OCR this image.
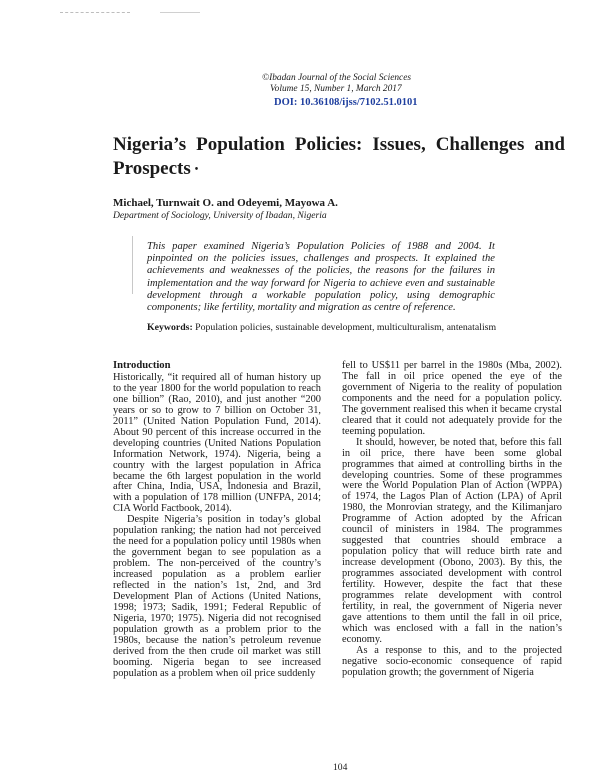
©Ibadan Journal of the Social Sciences
Volume 15, Number 1, March 2017
DOI: 10.36108/ijss/7102.51.0101
Nigeria’s Population Policies: Issues, Challenges and Prospects •
Michael, Turnwait O. and Odeyemi, Mayowa A.
Department of Sociology, University of Ibadan, Nigeria
This paper examined Nigeria’s Population Policies of 1988 and 2004. It pinpointed on the policies issues, challenges and prospects. It explained the achievements and weaknesses of the policies, the reasons for the failures in implementation and the way forward for Nigeria to achieve even and sustainable development through a workable population policy, using demographic components; like fertility, mortality and migration as centre of reference.
Keywords: Population policies, sustainable development, multiculturalism, antenatalism
Introduction

Historically, “it required all of human history up to the year 1800 for the world population to reach one billion” (Rao, 2010), and just another “200 years or so to grow to 7 billion on October 31, 2011” (United Nation Population Fund, 2014). About 90 percent of this increase occurred in the developing countries (United Nations Population Information Network, 1974). Nigeria, being a country with the largest population in Africa became the 6th largest population in the world after China, India, USA, Indonesia and Brazil, with a population of 178 million (UNFPA, 2014; CIA World Factbook, 2014).

Despite Nigeria’s position in today’s global population ranking; the nation had not perceived the need for a population policy until 1980s when the government began to see population as a problem. The non-perceived of the country’s increased population as a problem earlier reflected in the nation’s 1st, 2nd, and 3rd Development Plan of Actions (United Nations, 1998; 1973; Sadik, 1991; Federal Republic of Nigeria, 1970; 1975). Nigeria did not recognised population growth as a problem prior to the 1980s, because the nation’s petroleum revenue derived from the then crude oil market was still booming. Nigeria began to see increased population as a problem when oil price suddenly

fell to US$11 per barrel in the 1980s (Mba, 2002). The fall in oil price opened the eye of the government of Nigeria to the reality of population components and the need for a population policy. The government realised this when it became crystal cleared that it could not adequately provide for the teeming population.

It should, however, be noted that, before this fall in oil price, there have been some global programmes that aimed at controlling births in the developing countries. Some of these programmes were the World Population Plan of Action (WPPA) of 1974, the Lagos Plan of Action (LPA) of April 1980, the Monrovian strategy, and the Kilimanjaro Programme of Action adopted by the African council of ministers in 1984. The programmes suggested that countries should embrace a population policy that will reduce birth rate and increase development (Obono, 2003). By this, the programmes associated development with control fertility. However, despite the fact that these programmes relate development with control fertility, in real, the government of Nigeria never gave attentions to them until the fall in oil price, which was enclosed with a fall in the nation’s economy.

As a response to this, and to the projected negative socio-economic consequence of rapid population growth; the government of Nigeria

104
